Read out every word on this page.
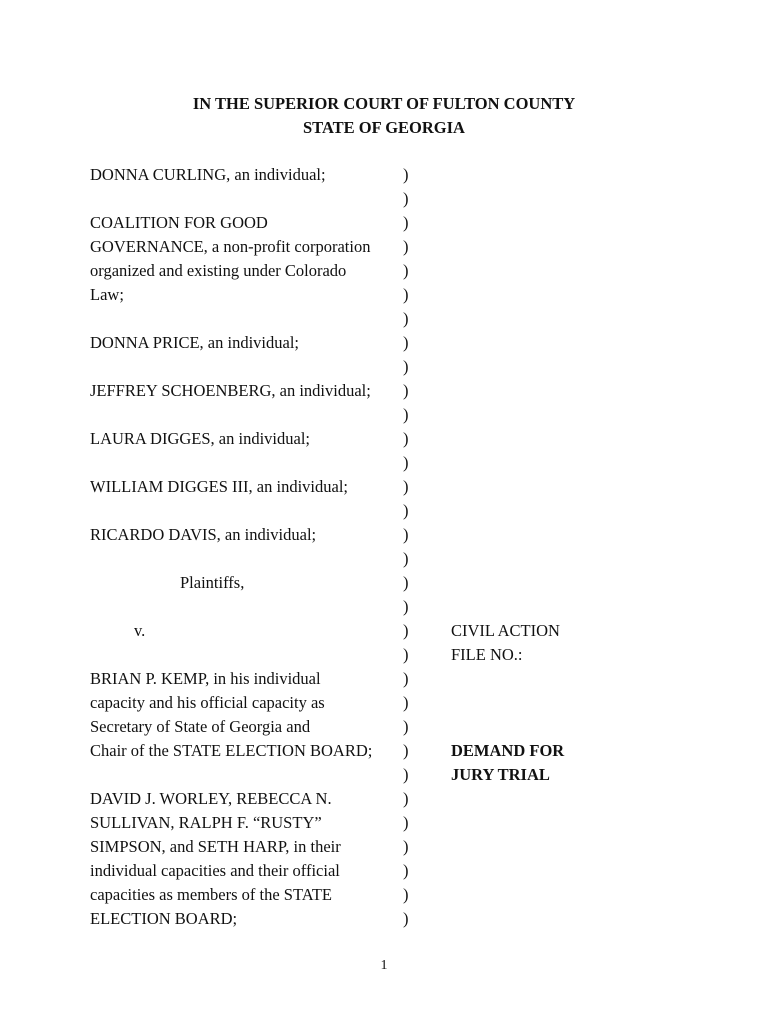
IN THE SUPERIOR COURT OF FULTON COUNTY
STATE OF GEORGIA
DONNA CURLING, an individual;
COALITION FOR GOOD
GOVERNANCE, a non-profit corporation
organized and existing under Colorado
Law;
DONNA PRICE, an individual;
JEFFREY SCHOENBERG, an individual;
LAURA DIGGES, an individual;
WILLIAM DIGGES III, an individual;
RICARDO DAVIS, an individual;
Plaintiffs,
v.
BRIAN P. KEMP, in his individual
capacity and his official capacity as
Secretary of State of Georgia and
Chair of the STATE ELECTION BOARD;
DAVID J. WORLEY, REBECCA N.
SULLIVAN, RALPH F. “RUSTY”
SIMPSON, and SETH HARP, in their
individual capacities and their official
capacities as members of the STATE
ELECTION BOARD;
)
)
)
)
)
)
)
)
)
)
)
)
)
)
)
)
)
)
)
)
)
)
)
)
)
)
)
)
)
)
)
)
CIVIL ACTION
FILE NO.:
DEMAND FOR
JURY TRIAL
1
